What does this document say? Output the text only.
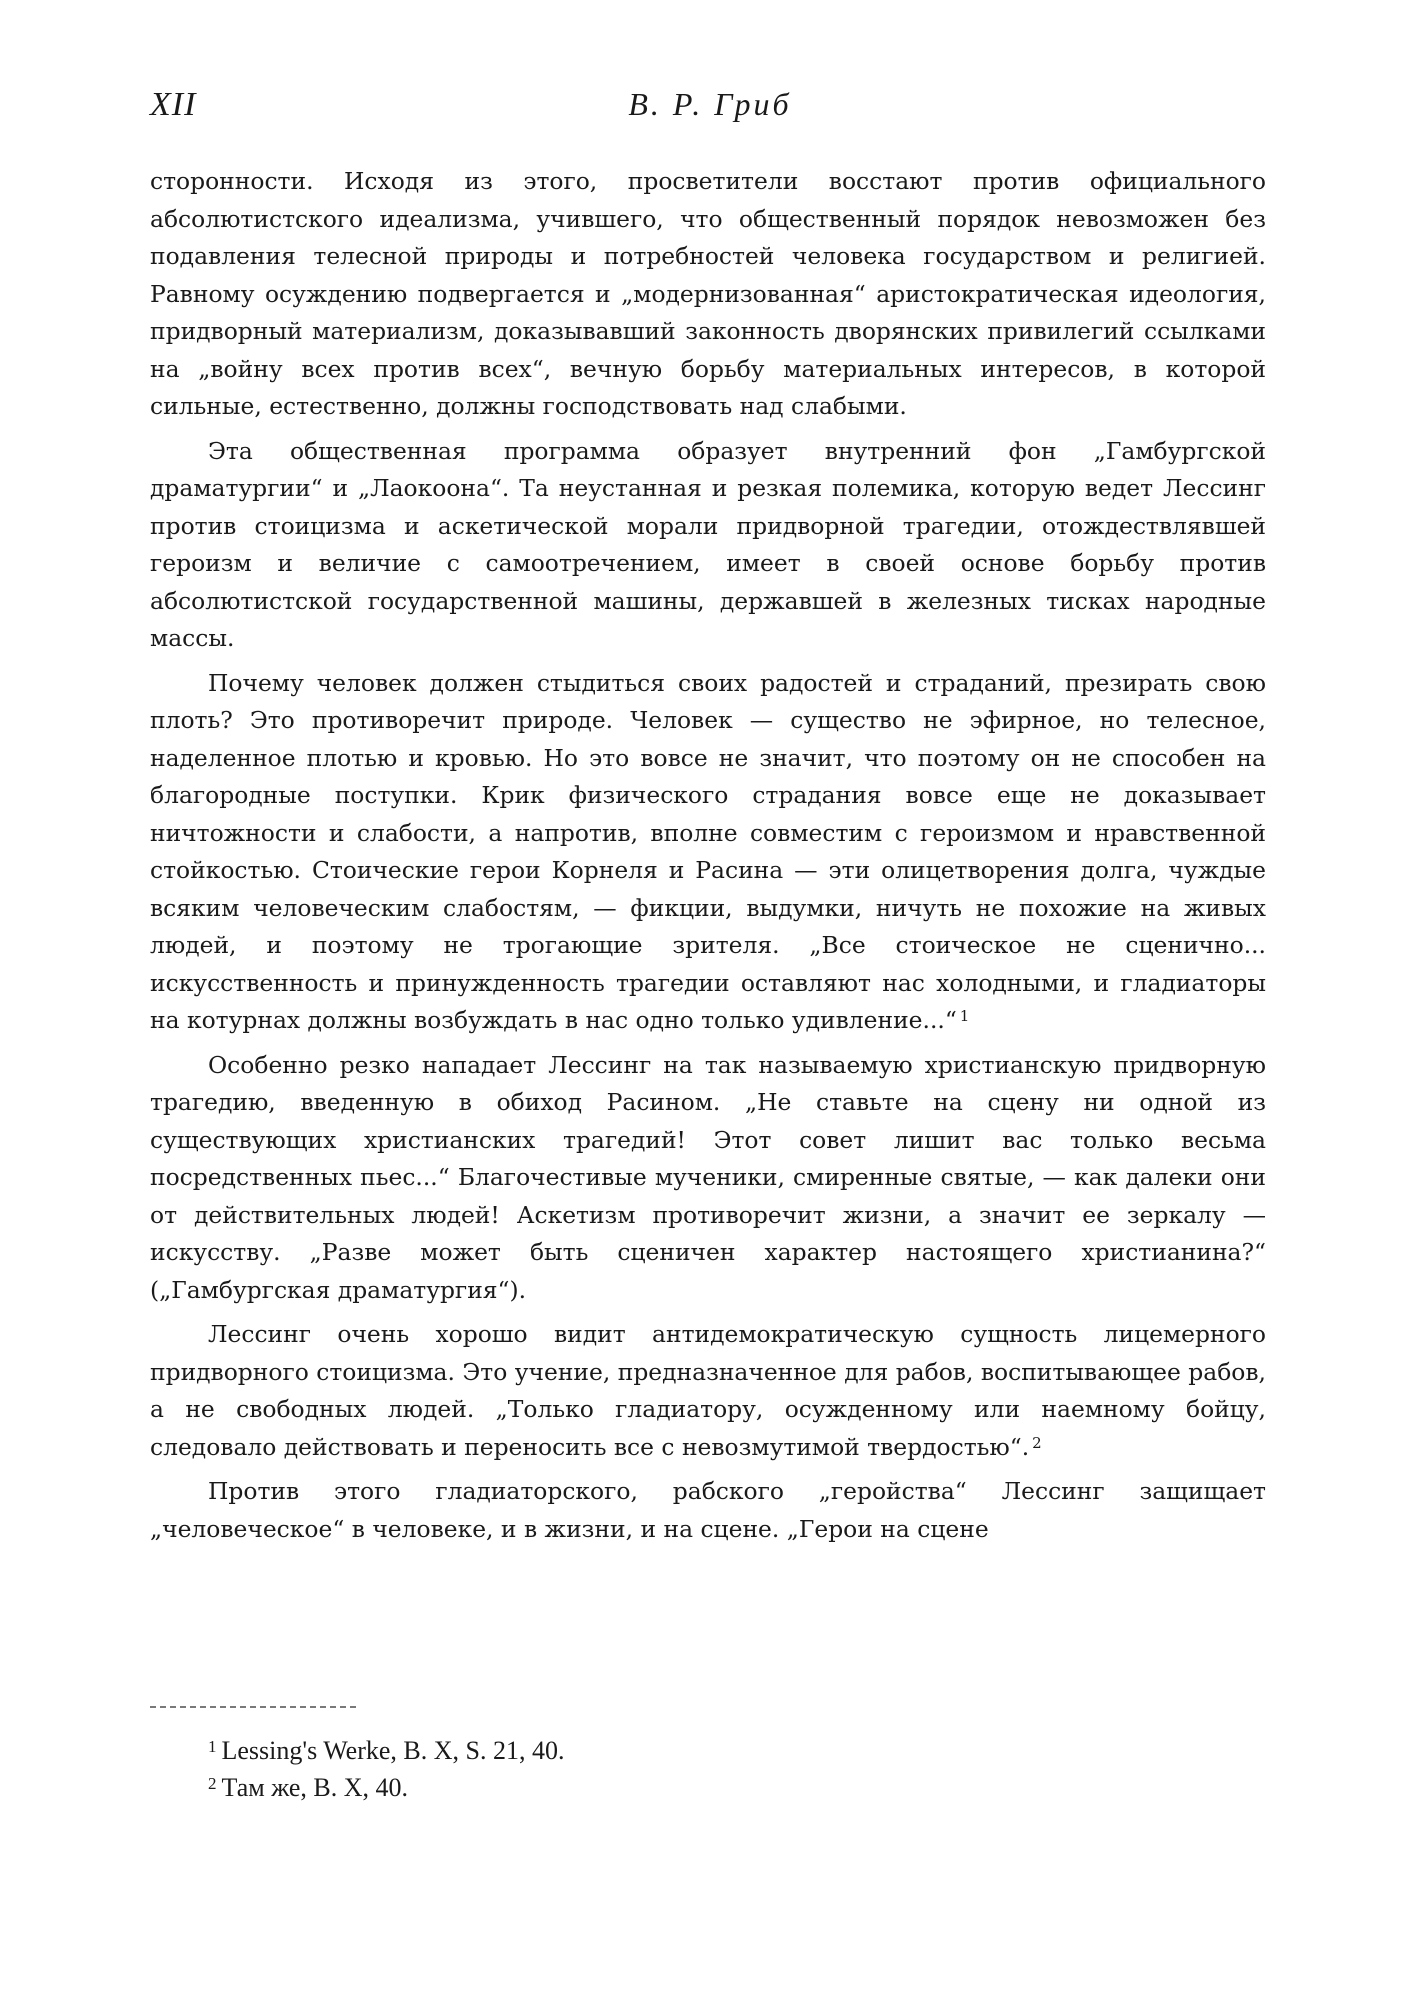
XII	В. Р. Гриб

сторонности. Исходя из этого, просветители восстают против официального абсолютистского идеализма, учившего, что общественный порядок невозможен без подавления телесной природы и потребностей человека государством и религией. Равному осуждению подвергается и „модернизованная“ аристократическая идеология, придворный материализм, доказывавший законность дворянских привилегий ссылками на „войну всех против всех“, вечную борьбу материальных интересов, в которой сильные, естественно, должны господствовать над слабыми.

Эта общественная программа образует внутренний фон „Гамбургской драматургии“ и „Лаокоона“. Та неустанная и резкая полемика, которую ведет Лессинг против стоицизма и аскетической морали придворной трагедии, отождествлявшей героизм и величие с самоотречением, имеет в своей основе борьбу против абсолютистской государственной машины, державшей в железных тисках народные массы.

Почему человек должен стыдиться своих радостей и страданий, презирать свою плоть? Это противоречит природе. Человек — существо не эфирное, но телесное, наделенное плотью и кровью. Но это вовсе не значит, что поэтому он не способен на благородные поступки. Крик физического страдания вовсе еще не доказывает ничтожности и слабости, а напротив, вполне совместим с героизмом и нравственной стойкостью. Стоические герои Корнеля и Расина — эти олицетворения долга, чуждые всяким человеческим слабостям, — фикции, выдумки, ничуть не похожие на живых людей, и поэтому не трогающие зрителя. „Все стоическое не сценично... искусственность и принужденность трагедии оставляют нас холодными, и гладиаторы на котурнах должны возбуждать в нас одно только удивление...“ $^1$

Особенно резко нападает Лессинг на так называемую христианскую придворную трагедию, введенную в обиход Расином. „Не ставьте на сцену ни одной из существующих христианских трагедий! Этот совет лишит вас только весьма посредственных пьес...“ Благочестивые мученики, смиренные святые, — как далеки они от действительных людей! Аскетизм противоречит жизни, а значит ее зеркалу — искусству. „Разве может быть сценичен характер настоящего христианина?“ („Гамбургская драматургия“).

Лессинг очень хорошо видит антидемократическую сущность лицемерного придворного стоицизма. Это учение, предназначенное для рабов, воспитывающее рабов, а не свободных людей. „Только гладиатору, осужденному или наемному бойцу, следовало действовать и переносить все с невозмутимой твердостью“. $^2$

Против этого гладиаторского, рабского „геройства“ Лессинг защищает „человеческое“ в человеке, и в жизни, и на сцене. „Герои на сцене

$^1$ Lessing's Werke, B. X, S. 21, 40.
$^2$ Там же, В. X, 40.
